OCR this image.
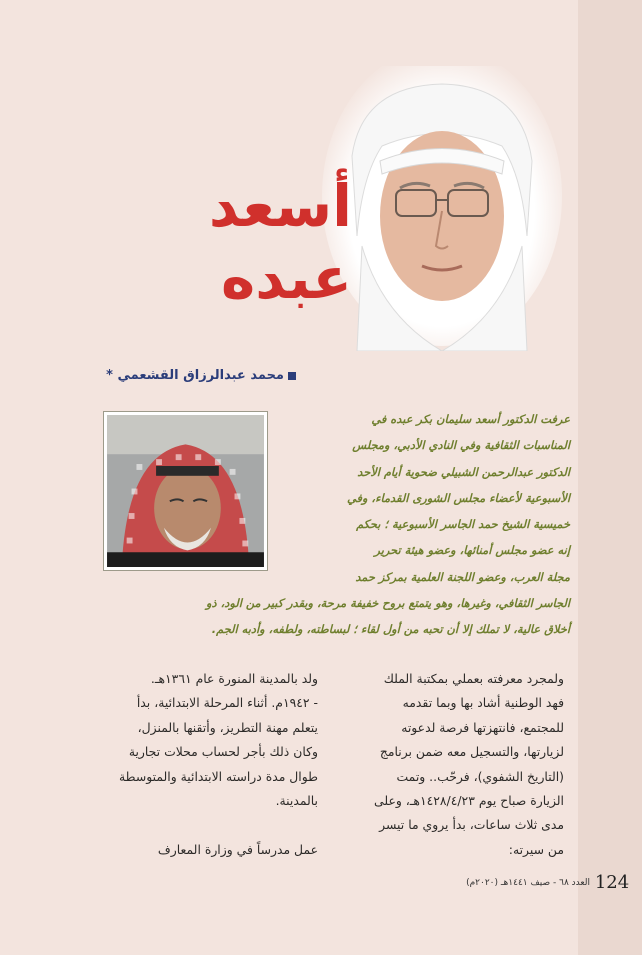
أسعد
عبده
محمد عبدالرزاق القشعمي *
عرفت الدكتور أسعد سليمان بكر عبده في
المناسبات الثقافية وفي النادي الأدبي، ومجلس
الدكتور عبدالرحمن الشبيلي ضحوية أيام الأحد
الأسبوعية لأعضاء مجلس الشورى القدماء، وفي
خميسية الشيخ حمد الجاسر الأسبوعية ؛ بحكم
إنه عضو مجلس أمنائها، وعضو هيئة تحرير
مجلة العرب، وعضو اللجنة العلمية بمركز حمد
الجاسر الثقافي، وغيرها، وهو يتمتع بروح خفيفة مرحة، وبقدر كبير من الود، ذو
أخلاق عالية، لا تملك إلا أن تحبه من أول لقاء ؛ لبساطته، ولطفه، وأدبه الجم.
ولمجرد معرفته بعملي بمكتبة الملك
فهد الوطنية أشاد بها وبما تقدمه
للمجتمع، فانتهزتها فرصة لدعوته
لزيارتها، والتسجيل معه ضمن برنامج
(التاريخ الشفوي)، فرحّب.. وتمت
الزيارة صباح يوم ١٤٢٨/٤/٢٣هـ، وعلى
مدى ثلاث ساعات، بدأ يروي ما تيسر
من سيرته:
ولد بالمدينة المنورة عام ١٣٦١هـ.
- ١٩٤٢م. أثناء المرحلة الابتدائية، بدأ
يتعلم مهنة التطريز، وأتقنها بالمنزل،
وكان ذلك بأجر لحساب محلات تجارية
طوال مدة دراسته الابتدائية والمتوسطة
بالمدينة.

عمل مدرساً في وزارة المعارف
العدد ٦٨ - صيف ١٤٤١هـ (٢٠٢٠م) 124
